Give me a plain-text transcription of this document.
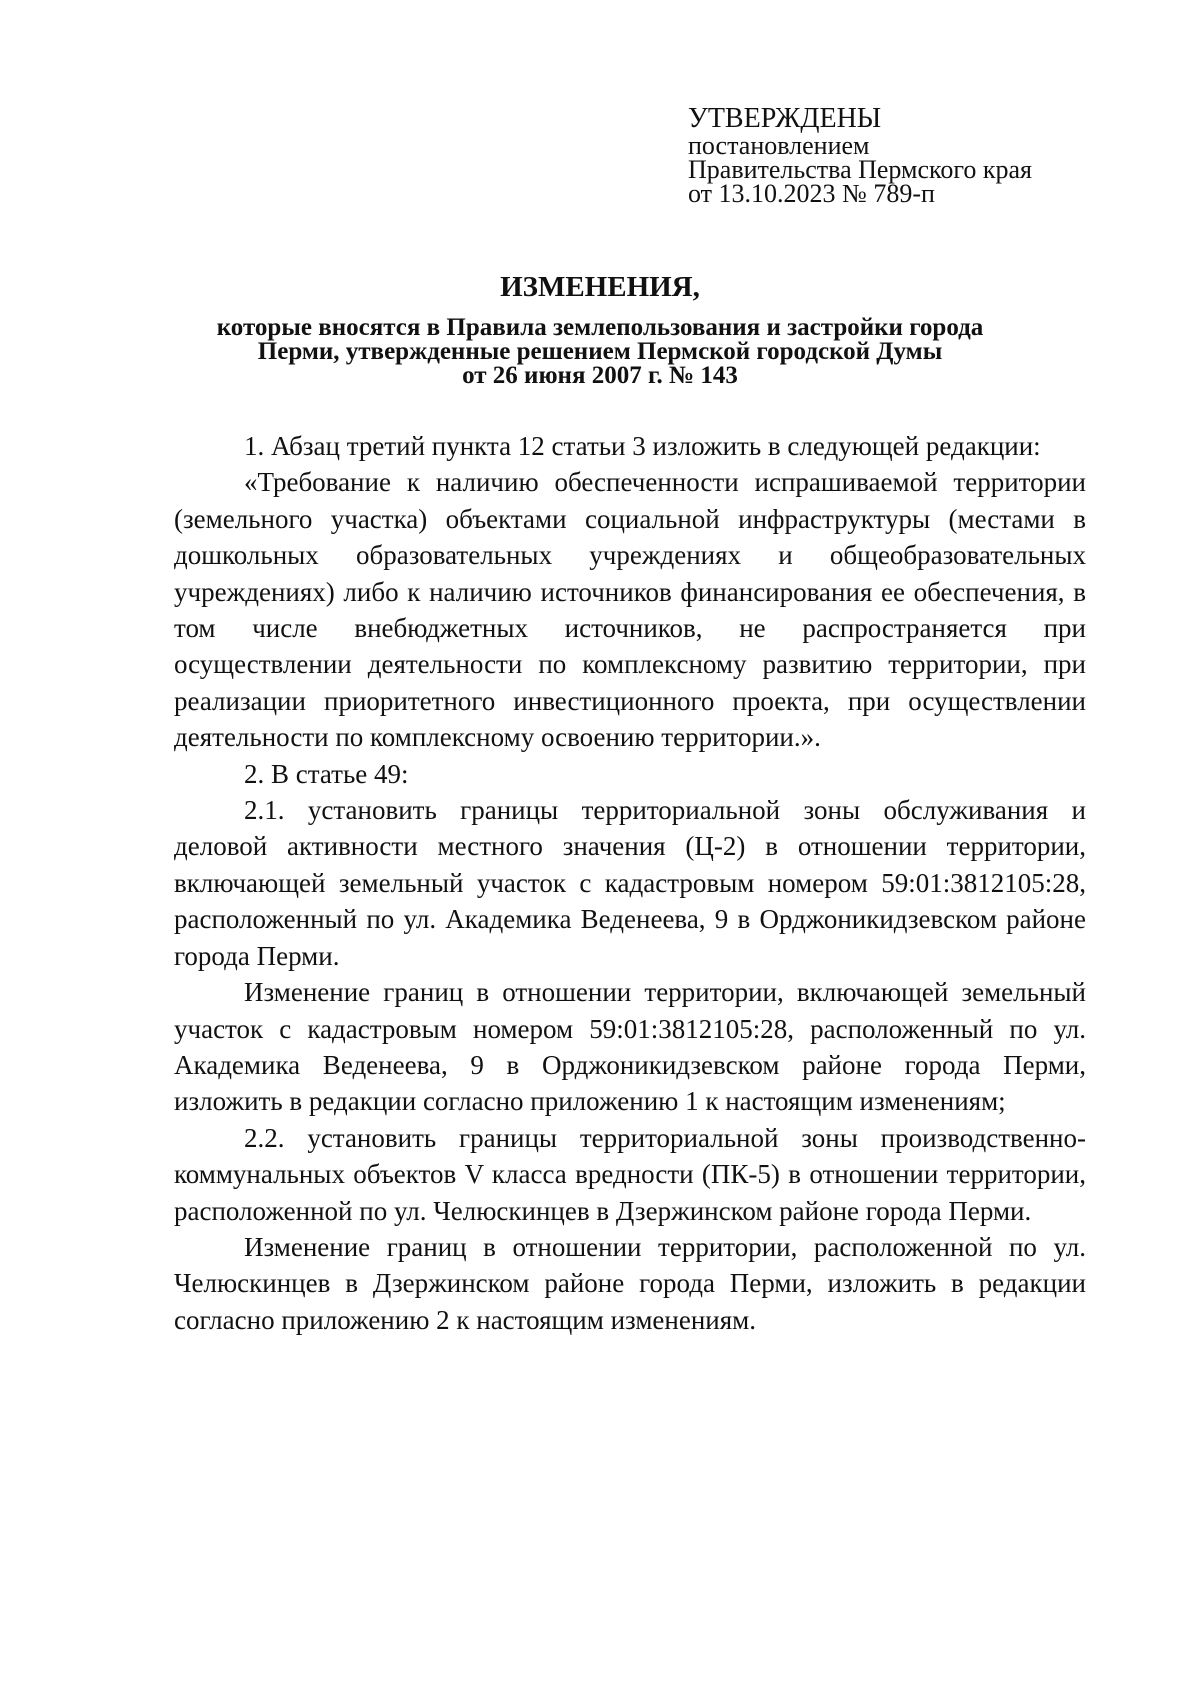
УТВЕРЖДЕНЫ
постановлением
Правительства Пермского края
от 13.10.2023 № 789-п
ИЗМЕНЕНИЯ,
которые вносятся в Правила землепользования и застройки города
Перми, утвержденные решением Пермской городской Думы
от 26 июня 2007 г. № 143

1. Абзац третий пункта 12 статьи 3 изложить в следующей редакции:

«Требование к наличию обеспеченности испрашиваемой территории (земельного участка) объектами социальной инфраструктуры (местами в дошкольных образовательных учреждениях и общеобразовательных учреждениях) либо к наличию источников финансирования ее обеспечения, в том числе внебюджетных источников, не распространяется при осуществлении деятельности по комплексному развитию территории, при реализации приоритетного инвестиционного проекта, при осуществлении деятельности по комплексному освоению территории.».

2. В статье 49:

2.1. установить границы территориальной зоны обслуживания и деловой активности местного значения (Ц-2) в отношении территории, включающей земельный участок с кадастровым номером 59:01:3812105:28, расположенный по ул. Академика Веденеева, 9 в Орджоникидзевском районе города Перми.

Изменение границ в отношении территории, включающей земельный участок с кадастровым номером 59:01:3812105:28, расположенный по ул. Академика Веденеева, 9 в Орджоникидзевском районе города Перми, изложить в редакции согласно приложению 1 к настоящим изменениям;

2.2. установить границы территориальной зоны производственно-коммунальных объектов V класса вредности (ПК-5) в отношении территории, расположенной по ул. Челюскинцев в Дзержинском районе города Перми.

Изменение границ в отношении территории, расположенной по ул. Челюскинцев в Дзержинском районе города Перми, изложить в редакции согласно приложению 2 к настоящим изменениям.
